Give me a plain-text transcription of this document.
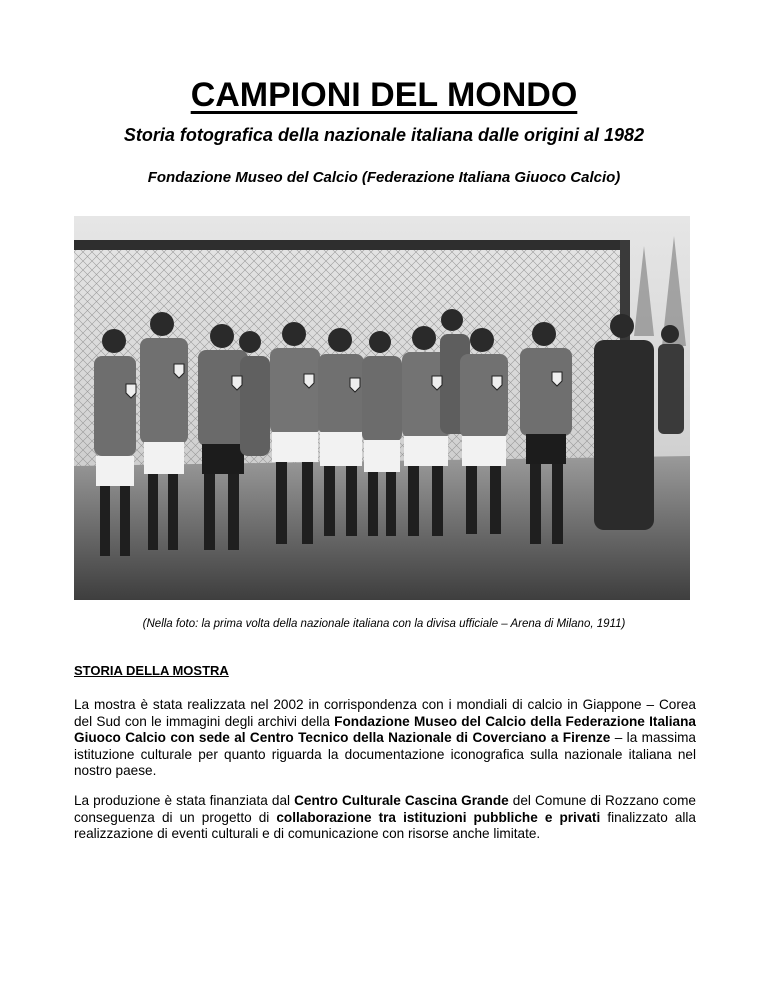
CAMPIONI DEL MONDO

Storia fotografica della nazionale italiana dalle origini al 1982

Fondazione Museo del Calcio (Federazione Italiana Giuoco Calcio)

(Nella foto: la prima volta della nazionale italiana con la divisa ufficiale – Arena di Milano, 1911)

STORIA DELLA MOSTRA

La mostra è stata realizzata nel 2002 in corrispondenza con i mondiali di calcio in Giappone – Corea del Sud con le immagini degli archivi della Fondazione Museo del Calcio della Federazione Italiana Giuoco Calcio con sede al Centro Tecnico della Nazionale di Coverciano a Firenze – la massima istituzione culturale per quanto riguarda la documentazione iconografica sulla nazionale italiana nel nostro paese.

La produzione è stata finanziata dal Centro Culturale Cascina Grande del Comune di Rozzano come conseguenza di un progetto di collaborazione tra istituzioni pubbliche e privati finalizzato alla realizzazione di eventi culturali e di comunicazione con risorse anche limitate.
